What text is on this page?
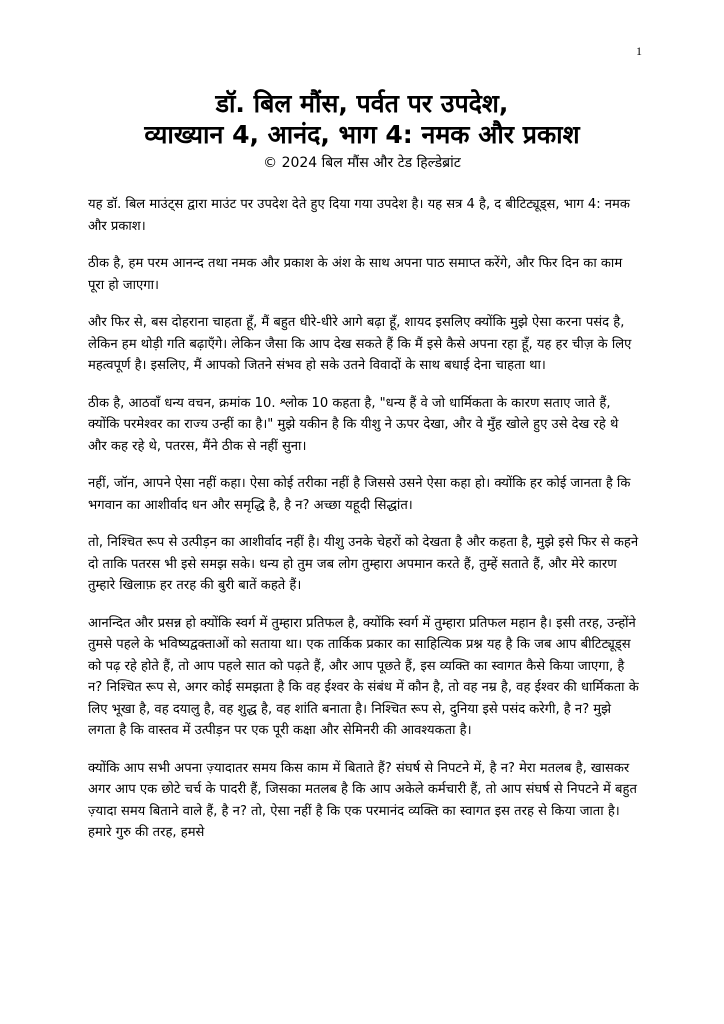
1
डॉ. बिल मौंस, पर्वत पर उपदेश,
व्याख्यान 4, आनंद, भाग 4: नमक और प्रकाश
© 2024 बिल मौंस और टेड हिल्डेब्रांट

यह डॉ. बिल माउंट्स द्वारा माउंट पर उपदेश देते हुए दिया गया उपदेश है। यह सत्र 4 है, द बीटिट्यूड्स, भाग 4: नमक और प्रकाश।

ठीक है, हम परम आनन्द तथा नमक और प्रकाश के अंश के साथ अपना पाठ समाप्त करेंगे, और फिर दिन का काम पूरा हो जाएगा।

और फिर से, बस दोहराना चाहता हूँ, मैं बहुत धीरे-धीरे आगे बढ़ा हूँ, शायद इसलिए क्योंकि मुझे ऐसा करना पसंद है, लेकिन हम थोड़ी गति बढ़ाएँगे। लेकिन जैसा कि आप देख सकते हैं कि मैं इसे कैसे अपना रहा हूँ, यह हर चीज़ के लिए महत्वपूर्ण है। इसलिए, मैं आपको जितने संभव हो सके उतने विवादों के साथ बधाई देना चाहता था।

ठीक है, आठवाँ धन्य वचन, क्रमांक 10. श्लोक 10 कहता है, "धन्य हैं वे जो धार्मिकता के कारण सताए जाते हैं, क्योंकि परमेश्वर का राज्य उन्हीं का है।" मुझे यकीन है कि यीशु ने ऊपर देखा, और वे मुँह खोले हुए उसे देख रहे थे और कह रहे थे, पतरस, मैंने ठीक से नहीं सुना।

नहीं, जॉन, आपने ऐसा नहीं कहा। ऐसा कोई तरीका नहीं है जिससे उसने ऐसा कहा हो। क्योंकि हर कोई जानता है कि भगवान का आशीर्वाद धन और समृद्धि है, है न? अच्छा यहूदी सिद्धांत।

तो, निश्चित रूप से उत्पीड़न का आशीर्वाद नहीं है। यीशु उनके चेहरों को देखता है और कहता है, मुझे इसे फिर से कहने दो ताकि पतरस भी इसे समझ सके। धन्य हो तुम जब लोग तुम्हारा अपमान करते हैं, तुम्हें सताते हैं, और मेरे कारण तुम्हारे खिलाफ़ हर तरह की बुरी बातें कहते हैं।

आनन्दित और प्रसन्न हो क्योंकि स्वर्ग में तुम्हारा प्रतिफल है, क्योंकि स्वर्ग में तुम्हारा प्रतिफल महान है। इसी तरह, उन्होंने तुमसे पहले के भविष्यद्वक्ताओं को सताया था। एक तार्किक प्रकार का साहित्यिक प्रश्न यह है कि जब आप बीटिट्यूड्स को पढ़ रहे होते हैं, तो आप पहले सात को पढ़ते हैं, और आप पूछते हैं, इस व्यक्ति का स्वागत कैसे किया जाएगा, है न? निश्चित रूप से, अगर कोई समझता है कि वह ईश्वर के संबंध में कौन है, तो वह नम्र है, वह ईश्वर की धार्मिकता के लिए भूखा है, वह दयालु है, वह शुद्ध है, वह शांति बनाता है। निश्चित रूप से, दुनिया इसे पसंद करेगी, है न? मुझे लगता है कि वास्तव में उत्पीड़न पर एक पूरी कक्षा और सेमिनरी की आवश्यकता है।

क्योंकि आप सभी अपना ज़्यादातर समय किस काम में बिताते हैं? संघर्ष से निपटने में, है न? मेरा मतलब है, खासकर अगर आप एक छोटे चर्च के पादरी हैं, जिसका मतलब है कि आप अकेले कर्मचारी हैं, तो आप संघर्ष से निपटने में बहुत ज़्यादा समय बिताने वाले हैं, है न? तो, ऐसा नहीं है कि एक परमानंद व्यक्ति का स्वागत इस तरह से किया जाता है। हमारे गुरु की तरह, हमसे
